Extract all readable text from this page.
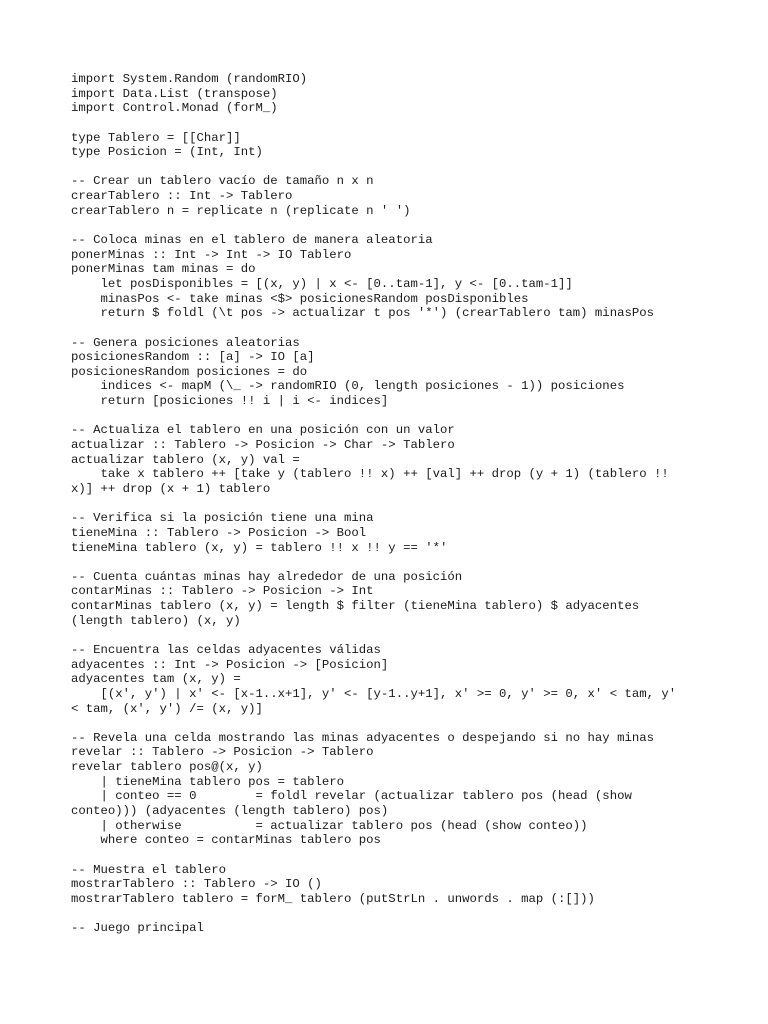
import System.Random (randomRIO)
import Data.List (transpose)
import Control.Monad (forM_)
type Tablero = [[Char]]
type Posicion = (Int, Int)
-- Crear un tablero vacío de tamaño n x n
crearTablero :: Int -> Tablero
crearTablero n = replicate n (replicate n ' ')
-- Coloca minas en el tablero de manera aleatoria
ponerMinas :: Int -> Int -> IO Tablero
ponerMinas tam minas = do
let posDisponibles = [(x, y) | x <- [0..tam-1], y <- [0..tam-1]]
minasPos <- take minas <$> posicionesRandom posDisponibles
return $ foldl (\t pos -> actualizar t pos '*') (crearTablero tam) minasPos
-- Genera posiciones aleatorias
posicionesRandom :: [a] -> IO [a]
posicionesRandom posiciones = do
indices <- mapM (\_ -> randomRIO (0, length posiciones - 1)) posiciones
return [posiciones !! i | i <- indices]
-- Actualiza el tablero en una posición con un valor
actualizar :: Tablero -> Posicion -> Char -> Tablero
actualizar tablero (x, y) val =
take x tablero ++ [take y (tablero !! x) ++ [val] ++ drop (y + 1) (tablero !!
x)] ++ drop (x + 1) tablero
-- Verifica si la posición tiene una mina
tieneMina :: Tablero -> Posicion -> Bool
tieneMina tablero (x, y) = tablero !! x !! y == '*'
-- Cuenta cuántas minas hay alrededor de una posición
contarMinas :: Tablero -> Posicion -> Int
contarMinas tablero (x, y) = length $ filter (tieneMina tablero) $ adyacentes
(length tablero) (x, y)
-- Encuentra las celdas adyacentes válidas
adyacentes :: Int -> Posicion -> [Posicion]
adyacentes tam (x, y) =
[(x', y') | x' <- [x-1..x+1], y' <- [y-1..y+1], x' >= 0, y' >= 0, x' < tam, y'
< tam, (x', y') /= (x, y)]
-- Revela una celda mostrando las minas adyacentes o despejando si no hay minas
revelar :: Tablero -> Posicion -> Tablero
revelar tablero pos@(x, y)
| tieneMina tablero pos = tablero
| conteo == 0        = foldl revelar (actualizar tablero pos (head (show
conteo))) (adyacentes (length tablero) pos)
| otherwise          = actualizar tablero pos (head (show conteo))
where conteo = contarMinas tablero pos
-- Muestra el tablero
mostrarTablero :: Tablero -> IO ()
mostrarTablero tablero = forM_ tablero (putStrLn . unwords . map (:[]))
-- Juego principal
